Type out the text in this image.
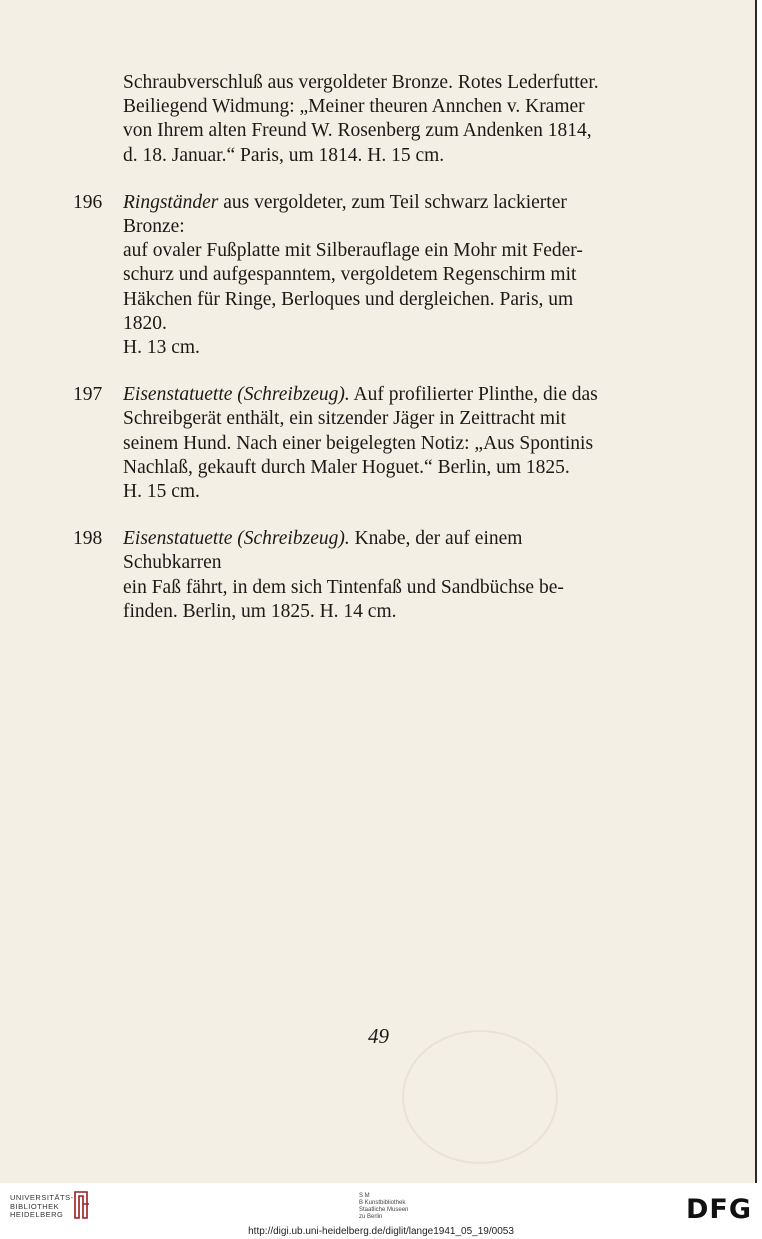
Schraubverschluß aus vergoldeter Bronze. Rotes Lederfutter.
Beiliegend Widmung: „Meiner theuren Annchen v. Kramer
von Ihrem alten Freund W. Rosenberg zum Andenken 1814,
d. 18. Januar.“ Paris, um 1814. H. 15 cm.
196 Ringständer aus vergoldeter, zum Teil schwarz lackierter Bronze:
auf ovaler Fußplatte mit Silberauflage ein Mohr mit Feder-
schurz und aufgespanntem, vergoldetem Regenschirm mit
Häkchen für Ringe, Berloques und dergleichen. Paris, um 1820.
H. 13 cm.
197 Eisenstatuette (Schreibzeug). Auf profilierter Plinthe, die das
Schreibgerät enthält, ein sitzender Jäger in Zeittracht mit
seinem Hund. Nach einer beigelegten Notiz: „Aus Spontinis
Nachlaß, gekauft durch Maler Hoguet.“ Berlin, um 1825.
H. 15 cm.
198 Eisenstatuette (Schreibzeug). Knabe, der auf einem Schubkarren
ein Faß fährt, in dem sich Tintenfaß und Sandbüchse be-
finden. Berlin, um 1825. H. 14 cm.
49
UNIVERSITÄTS-
BIBLIOTHEK
HEIDELBERG
S M
B Kunstbibliothek
Staatliche Museen
zu Berlin	DFG
http://digi.ub.uni-heidelberg.de/diglit/lange1941_05_19/0053
